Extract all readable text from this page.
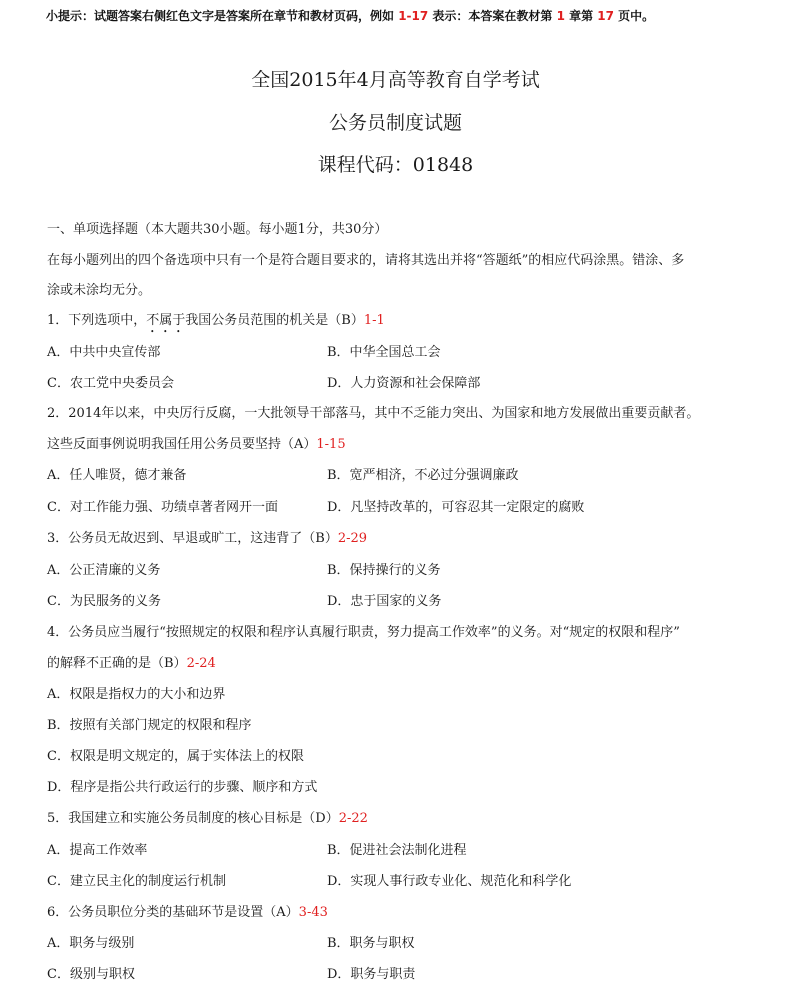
小提示：试题答案右侧红色文字是答案所在章节和教材页码，例如 1-17 表示：本答案在教材第 1 章第 17 页中。
全国2015年4月高等教育自学考试
公务员制度试题
课程代码：01848
一、单项选择题（本大题共30小题。每小题1分，共30分）
在每小题列出的四个备选项中只有一个是符合题目要求的，请将其选出并将“答题纸”的相应代码涂黑。错涂、多
涂或未涂均无分。
1．下列选项中，不属于我国公务员范围的机关是（B）1-1
A．中共中央宣传部	B．中华全国总工会
C．农工党中央委员会	D．人力资源和社会保障部
2．2014年以来，中央厉行反腐，一大批领导干部落马，其中不乏能力突出、为国家和地方发展做出重要贡献者。
这些反面事例说明我国任用公务员要坚持（A）1-15
A．任人唯贤，德才兼备	B．宽严相济，不必过分强调廉政
C．对工作能力强、功绩卓著者网开一面	D．凡坚持改革的，可容忍其一定限定的腐败
3．公务员无故迟到、早退或旷工，这违背了（B）2-29
A．公正清廉的义务	B．保持操行的义务
C．为民服务的义务	D．忠于国家的义务
4．公务员应当履行“按照规定的权限和程序认真履行职责，努力提高工作效率”的义务。对“规定的权限和程序”
的解释不正确的是（B）2-24
A．权限是指权力的大小和边界
B．按照有关部门规定的权限和程序
C．权限是明文规定的，属于实体法上的权限
D．程序是指公共行政运行的步骤、顺序和方式
5．我国建立和实施公务员制度的核心目标是（D）2-22
A．提高工作效率	B．促进社会法制化进程
C．建立民主化的制度运行机制	D．实现人事行政专业化、规范化和科学化
6．公务员职位分类的基础环节是设置（A）3-43
A．职务与级别	B．职务与职权
C．级别与职权	D．职务与职责
